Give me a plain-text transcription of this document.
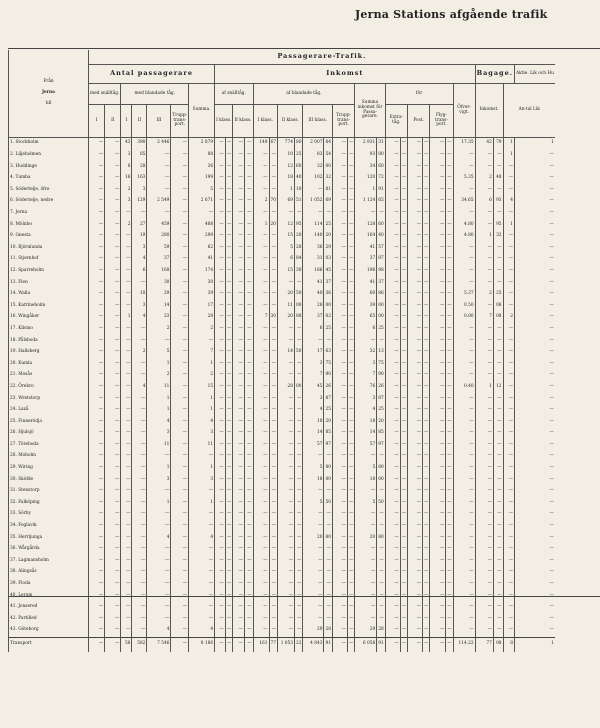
Jerna Stations afgående trafik
Från
Jerna
till	Passagerare-Trafik.																															
	Antal passagerare							Inkomst																					Bagage.			Aktie. Lik och Hu
	med snälltåg.		med blandade tåg.				Summa.	af snälltåg.				af blandade tåg.								Summa inkomst för Passa-gerare.		för						Öfver-vigt.	Inkomst.		An-tal Lik	
	I	II	I	II	III	Trupp-trans-port.		I klass.		II klass.		I klass.		II klass.		III klass.		Trupp-trans-port.				Extra-tåg.		Post.		Flyg-trans-port.						
1. Stockholm	—	—	43	390	2 446	—	2 879	—	—	—	—	149	67	774	80	2 007	84	—	—	2 931	31	—	—	—	—	—	—	17.35	42	79	1	1
2. Liljeholmen	—	—	3	85	—	—	88	—	—	—	—	—	—	10	25	83	54	—	—	93	80	—	—	—	—	—	—	—	—	—	1	—
3. Huddinge	—	—	8	28	—	—	36	—	—	—	—	—	—	12	60	32	00	—	—	34	60	—	—	—	—	—	—	—	—	—	—	—
4. Tumba	—	—	16	163	—	—	199	—	—	—	—	—	—	18	40	102	32	—	—	120	72	—	—	—	—	—	—	5.35	2	48	—	—
5. Södertelje, öfre	—	—	2	3	—	—	5	—	—	—	—	—	—	1	10	—	81	—	—	1	91	—	—	—	—	—	—	—	—	—	—	—
6. Södertelje, nedre	—	—	3	129	2 549	—	2 671	—	—	—	—	2	70	69	51	1 052	69	—	—	1 124	65	—	—	—	—	—	—	34.65	6	93	4	—
7. Jerna	—	—	—	—	—	—	—	—	—	—	—	—	—	—	—	—	—	—	—	—	—	—	—	—	—	—	—	—	—	—	—	—
8. Mölnbo	—	—	2	27	459	—	488	—	—	—	—	1	20	12	95	114	25	—	—	128	60	—	—	—	—	—	—	4.80	—	95	1	—
9. Gnesta	—	—	—	19	280	—	299	—	—	—	—	—	—	15	20	140	20	—	—	164	40	—	—	—	—	—	—	4.80	1	32	—	—
10. Björnlunda	—	—	—	3	59	—	62	—	—	—	—	—	—	5	28	36	29	—	—	41	57	—	—	—	—	—	—	—	—	—	—	—
11. Stjernhof	—	—	—	4	37	—	41	—	—	—	—	—	—	6	84	31	03	—	—	37	87	—	—	—	—	—	—	—	—	—	—	—
12. Sparreholm	—	—	—	6	168	—	174	—	—	—	—	—	—	15	30	186	45	—	—	196	98	—	—	—	—	—	—	—	—	—	—	—
13. Flen	—	—	—	—	30	—	30	—	—	—	—	—	—	—	—	41	37	—	—	41	37	—	—	—	—	—	—	—	—	—	—	—
14. Walla	—	—	—	10	29	—	39	—	—	—	—	—	—	20	50	40	36	—	—	60	86	—	—	—	—	—	—	5.37	2	25	—	—
15. Katrineholm	—	—	—	3	14	—	17	—	—	—	—	—	—	11	00	28	00	—	—	39	00	—	—	—	—	—	—	0.50	—	08	—	—
16. Wingåker	—	—	1	4	23	—	28	—	—	—	—	7	30	20	88	37	02	—	—	65	00	—	—	—	—	—	—	0.80	7	08	2	—
17. Kilsmo	—	—	—	—	2	—	2	—	—	—	—	—	—	—	—	6	25	—	—	6	25	—	—	—	—	—	—	—	—	—	—	—
18. Pålsboda	—	—	—	—	—	—	—	—	—	—	—	—	—	—	—	—	—	—	—	—	—	—	—	—	—	—	—	—	—	—	—	—
19. Hallsberg	—	—	—	2	5	—	7	—	—	—	—	—	—	14	50	17	63	—	—	32	13	—	—	—	—	—	—	—	—	—	—	—
20. Kumla	—	—	—	—	1	—	1	—	—	—	—	—	—	—	—	3	75	—	—	3	75	—	—	—	—	—	—	—	—	—	—	—
21. Mosås	—	—	—	—	2	—	2	—	—	—	—	—	—	—	—	7	90	—	—	7	90	—	—	—	—	—	—	—	—	—	—	—
22. Örebro	—	—	—	4	11	—	15	—	—	—	—	—	—	28	00	45	26	—	—	76	26	—	—	—	—	—	—	0.40	1	12	—	—
23. Wretstorp	—	—	—	—	1	—	1	—	—	—	—	—	—	—	—	3	87	—	—	3	87	—	—	—	—	—	—	—	—	—	—	—
24. Laxå	—	—	—	—	1	—	1	—	—	—	—	—	—	—	—	4	25	—	—	4	25	—	—	—	—	—	—	—	—	—	—	—
25. Finnerödja	—	—	—	—	4	—	4	—	—	—	—	—	—	—	—	18	20	—	—	18	20	—	—	—	—	—	—	—	—	—	—	—
26. Hjulsjö	—	—	—	—	3	—	3	—	—	—	—	—	—	—	—	14	85	—	—	14	85	—	—	—	—	—	—	—	—	—	—	—
27. Töreboda	—	—	—	—	11	—	11	—	—	—	—	—	—	—	—	57	97	—	—	57	97	—	—	—	—	—	—	—	—	—	—	—
28. Moholm	—	—	—	—	—	—	—	—	—	—	—	—	—	—	—	—	—	—	—	—	—	—	—	—	—	—	—	—	—	—	—	—
29. Wiring	—	—	—	—	1	—	1	—	—	—	—	—	—	—	—	5	80	—	—	5	80	—	—	—	—	—	—	—	—	—	—	—
30. Sköfde	—	—	—	—	3	—	3	—	—	—	—	—	—	—	—	18	00	—	—	18	00	—	—	—	—	—	—	—	—	—	—	—
31. Stenstorp	—	—	—	—	—	—	—	—	—	—	—	—	—	—	—	—	—	—	—	—	—	—	—	—	—	—	—	—	—	—	—	—
32. Falköping	—	—	—	—	1	—	1	—	—	—	—	—	—	—	—	5	50	—	—	5	50	—	—	—	—	—	—	—	—	—	—	—
33. Sörby	—	—	—	—	—	—	—	—	—	—	—	—	—	—	—	—	—	—	—	—	—	—	—	—	—	—	—	—	—	—	—	—
34. Foglavik	—	—	—	—	—	—	—	—	—	—	—	—	—	—	—	—	—	—	—	—	—	—	—	—	—	—	—	—	—	—	—	—
35. Herrljunga	—	—	—	—	4	—	4	—	—	—	—	—	—	—	—	20	80	—	—	20	80	—	—	—	—	—	—	—	—	—	—	—
36. Wårgårda	—	—	—	—	—	—	—	—	—	—	—	—	—	—	—	—	—	—	—	—	—	—	—	—	—	—	—	—	—	—	—	—
37. Lagmansholm	—	—	—	—	—	—	—	—	—	—	—	—	—	—	—	—	—	—	—	—	—	—	—	—	—	—	—	—	—	—	—	—
38. Alingsås	—	—	—	—	—	—	—	—	—	—	—	—	—	—	—	—	—	—	—	—	—	—	—	—	—	—	—	—	—	—	—	—
39. Floda	—	—	—	—	—	—	—	—	—	—	—	—	—	—	—	—	—	—	—	—	—	—	—	—	—	—	—	—	—	—	—	—
40. Lerum	—	—	—	—	—	—	—	—	—	—	—	—	—	—	—	—	—	—	—	—	—	—	—	—	—	—	—	—	—	—	—	—
41. Jonsered	—	—	—	—	—	—	—	—	—	—	—	—	—	—	—	—	—	—	—	—	—	—	—	—	—	—	—	—	—	—	—	—
42. Partilled	—	—	—	—	—	—	—	—	—	—	—	—	—	—	—	—	—	—	—	—	—	—	—	—	—	—	—	—	—	—	—	—
43. Göteborg	—	—	—	—	4	—	4	—	—	—	—	—	—	—	—	29	28	—	—	29	28	—	—	—	—	—	—	—	—	—	—	—
Transport	—	—	58	582	7 546	—	8 186	—	—	—	—	161	77	1 053	22	4 843	91	—	—	6 058	91	—	—	—	—	—	—	114.22	77	08	8	1
